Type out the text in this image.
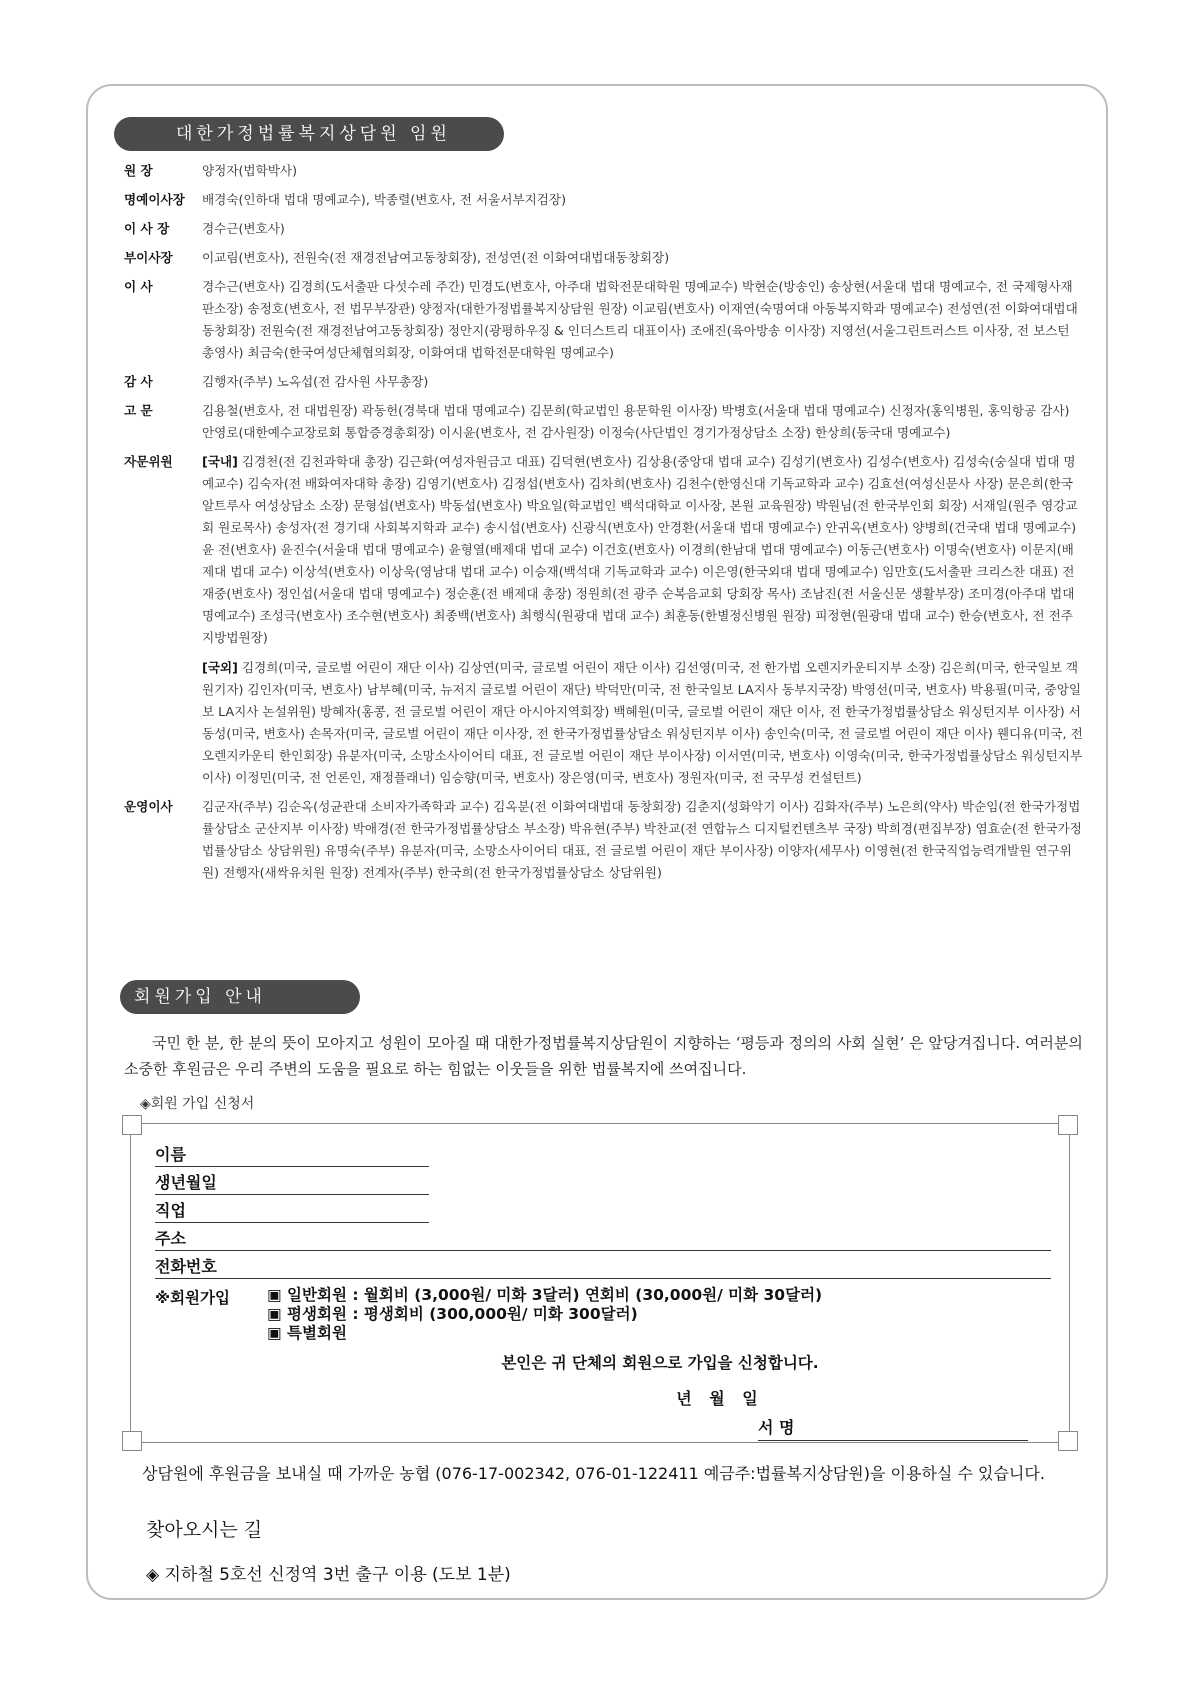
대한가정법률복지상담원 임원
원 장	양정자(법학박사)

명예이사장	배경숙(인하대 법대 명예교수), 박종렬(변호사, 전 서울서부지검장)

이 사 장	경수근(변호사)

부이사장	이교림(변호사), 전원숙(전 재경전남여고동창회장), 전성연(전 이화여대법대동창회장)

이 사	경수근(변호사) 김경희(도서출판 다섯수레 주간) 민경도(변호사, 아주대 법학전문대학원 명예교수) 박현순(방송인) 송상현(서울대 법대 명예교수, 전 국제형사재판소장) 송정호(변호사, 전 법무부장관) 양정자(대한가정법률복지상담원 원장) 이교림(변호사) 이재연(숙명여대 아동복지학과 명예교수) 전성연(전 이화여대법대동창회장) 전원숙(전 재경전남여고동창회장) 정안지(광평하우징 & 인더스트리 대표이사) 조애진(육아방송 이사장) 지영선(서울그린트러스트 이사장, 전 보스턴 총영사) 최금숙(한국여성단체협의회장, 이화여대 법학전문대학원 명예교수)

감 사	김행자(주부) 노옥섭(전 감사원 사무총장)

고 문	김용철(변호사, 전 대법원장) 곽동헌(경북대 법대 명예교수) 김문희(학교법인 용문학원 이사장) 박병호(서울대 법대 명예교수) 신정자(홍익병원, 홍익항공 감사) 안영로(대한예수교장로회 통합증경총회장) 이시윤(변호사, 전 감사원장) 이정숙(사단법인 경기가정상담소 소장) 한상희(동국대 명예교수)

자문위원	[국내] 김경천(전 김천과학대 총장) 김근화(여성자원금고 대표) 김덕현(변호사) 김상용(중앙대 법대 교수) 김성기(변호사) 김성수(변호사) 김성숙(숭실대 법대 명예교수) 김숙자(전 배화여자대학 총장) 김영기(변호사) 김정섭(변호사) 김차희(변호사) 김천수(한영신대 기독교학과 교수) 김효선(여성신문사 사장) 문은희(한국 알트루사 여성상담소 소장) 문형섭(변호사) 박동섭(변호사) 박요일(학교법인 백석대학교 이사장, 본원 교육원장) 박원님(전 한국부인회 회장) 서재일(원주 영강교회 원로목사) 송성자(전 경기대 사회복지학과 교수) 송시섭(변호사) 신광식(변호사) 안경환(서울대 법대 명예교수) 안귀옥(변호사) 양병희(건국대 법대 명예교수) 윤 전(변호사) 윤진수(서울대 법대 명예교수) 윤형열(배제대 법대 교수) 이건호(변호사) 이경희(한남대 법대 명예교수) 이동근(변호사) 이명숙(변호사) 이문지(배제대 법대 교수) 이상석(변호사) 이상욱(영남대 법대 교수) 이승재(백석대 기독교학과 교수) 이은영(한국외대 법대 명예교수) 임만호(도서출판 크리스찬 대표) 전재중(변호사) 정인섭(서울대 법대 명예교수) 정순훈(전 배제대 총장) 정원희(전 광주 순복음교회 당회장 목사) 조남진(전 서울신문 생활부장) 조미경(아주대 법대 명예교수) 조성극(변호사) 조수현(변호사) 최종백(변호사) 최행식(원광대 법대 교수) 최훈동(한별정신병원 원장) 피정현(원광대 법대 교수) 한승(변호사, 전 전주지방법원장)

[국외] 김경희(미국, 글로벌 어린이 재단 이사) 김상연(미국, 글로벌 어린이 재단 이사) 김선영(미국, 전 한가법 오렌지카운티지부 소장) 김은희(미국, 한국일보 객원기자) 김인자(미국, 변호사) 남부혜(미국, 뉴저지 글로벌 어린이 재단) 박덕만(미국, 전 한국일보 LA지사 동부지국장) 박영선(미국, 변호사) 박용필(미국, 중앙일보 LA지사 논설위원) 방혜자(홍콩, 전 글로벌 어린이 재단 아시아지역회장) 백혜원(미국, 글로벌 어린이 재단 이사, 전 한국가정법률상담소 워싱턴지부 이사장) 서동성(미국, 변호사) 손목자(미국, 글로벌 어린이 재단 이사장, 전 한국가정법률상담소 워싱턴지부 이사) 송인숙(미국, 전 글로벌 어린이 재단 이사) 웬디유(미국, 전 오렌지카운티 한인회장) 유분자(미국, 소망소사이어티 대표, 전 글로벌 어린이 재단 부이사장) 이서연(미국, 변호사) 이영숙(미국, 한국가정법률상담소 워싱턴지부 이사) 이정민(미국, 전 언론인, 재정플래너) 임승향(미국, 변호사) 장은영(미국, 변호사) 정원자(미국, 전 국무성 컨설턴트)

운영이사	김군자(주부) 김순옥(성균관대 소비자가족학과 교수) 김옥분(전 이화여대법대 동창회장) 김춘지(성화악기 이사) 김화자(주부) 노은희(약사) 박순임(전 한국가정법률상담소 군산지부 이사장) 박애경(전 한국가정법률상담소 부소장) 박유현(주부) 박찬교(전 연합뉴스 디지털컨텐츠부 국장) 박희경(편집부장) 염효순(전 한국가정법률상담소 상담위원) 유명숙(주부) 유분자(미국, 소망소사이어티 대표, 전 글로벌 어린이 재단 부이사장) 이양자(세무사) 이영현(전 한국직업능력개발원 연구위원) 전행자(새싹유치원 원장) 전계자(주부) 한국희(전 한국가정법률상담소 상담위원)

회원가입 안내
국민 한 분, 한 분의 뜻이 모아지고 성원이 모아질 때 대한가정법률복지상담원이 지향하는 ‘평등과 정의의 사회 실현’ 은 앞당겨집니다. 여러분의 소중한 후원금은 우리 주변의 도움을 필요로 하는 힘없는 이웃들을 위한 법률복지에 쓰여집니다.
◈회원 가입 신청서
이름
생년월일
직업
주소
전화번호
※회원가입
▣	일반회원 : 월회비 (3,000원/ 미화 3달러) 연회비 (30,000원/ 미화 30달러)
▣ 평생회원 : 평생회비 (300,000원/ 미화 300달러)
▣ 특별회원
본인은 귀 단체의 회원으로 가입을 신청합니다.
년 월 일
서 명
상담원에 후원금을 보내실 때 가까운 농협 (076-17-002342, 076-01-122411 예금주:법률복지상담원)을 이용하실 수 있습니다.
찾아오시는 길
◈ 지하철 5호선 신정역 3번 출구 이용 (도보 1분)
